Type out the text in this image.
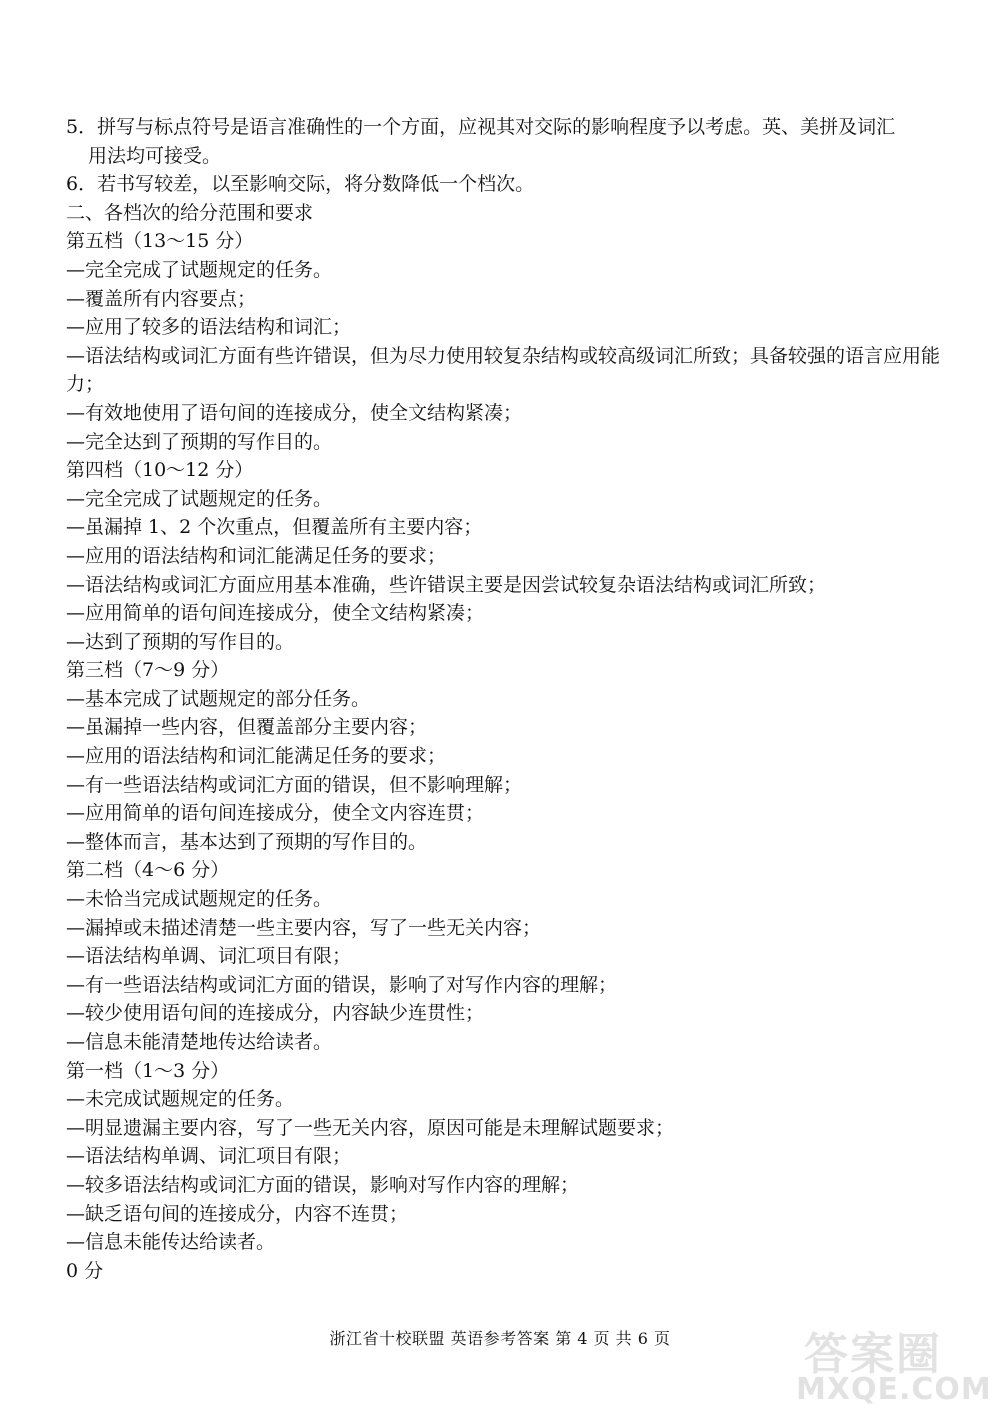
5．拼写与标点符号是语言准确性的一个方面，应视其对交际的影响程度予以考虑。英、美拼及词汇
用法均可接受。
6．若书写较差，以至影响交际，将分数降低一个档次。
二、各档次的给分范围和要求
第五档（13～15 分）
—完全完成了试题规定的任务。
—覆盖所有内容要点；
—应用了较多的语法结构和词汇；
—语法结构或词汇方面有些许错误，但为尽力使用较复杂结构或较高级词汇所致；具备较强的语言应用能力；
—有效地使用了语句间的连接成分，使全文结构紧凑；
—完全达到了预期的写作目的。
第四档（10～12 分）
—完全完成了试题规定的任务。
—虽漏掉 1、2 个次重点，但覆盖所有主要内容；
—应用的语法结构和词汇能满足任务的要求；
—语法结构或词汇方面应用基本准确，些许错误主要是因尝试较复杂语法结构或词汇所致；
—应用简单的语句间连接成分，使全文结构紧凑；
—达到了预期的写作目的。
第三档（7～9 分）
—基本完成了试题规定的部分任务。
—虽漏掉一些内容，但覆盖部分主要内容；
—应用的语法结构和词汇能满足任务的要求；
—有一些语法结构或词汇方面的错误，但不影响理解；
—应用简单的语句间连接成分，使全文内容连贯；
—整体而言，基本达到了预期的写作目的。
第二档（4～6 分）
—未恰当完成试题规定的任务。
—漏掉或未描述清楚一些主要内容，写了一些无关内容；
—语法结构单调、词汇项目有限；
—有一些语法结构或词汇方面的错误，影响了对写作内容的理解；
—较少使用语句间的连接成分，内容缺少连贯性；
—信息未能清楚地传达给读者。
第一档（1～3 分）
—未完成试题规定的任务。
—明显遗漏主要内容，写了一些无关内容，原因可能是未理解试题要求；
—语法结构单调、词汇项目有限；
—较多语法结构或词汇方面的错误，影响对写作内容的理解；
—缺乏语句间的连接成分，内容不连贯；
—信息未能传达给读者。
0 分
浙江省十校联盟 英语参考答案 第 4 页 共 6 页	答案圈
MXQE.COM
